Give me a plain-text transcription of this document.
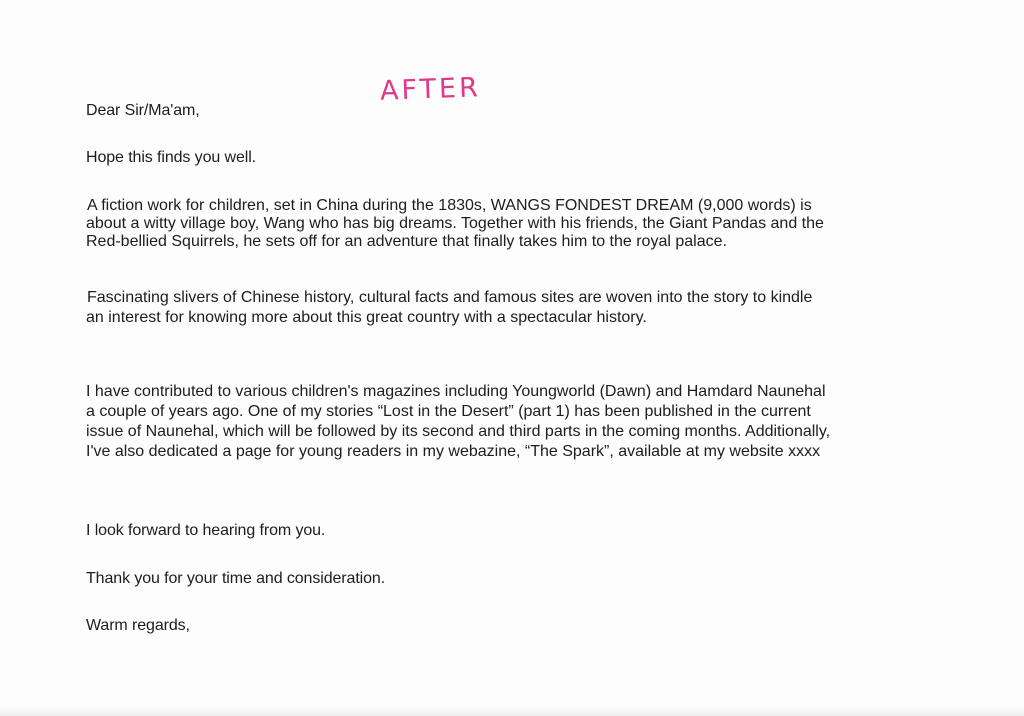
AFTER
Dear Sir/Ma'am,
Hope this finds you well.
A fiction work for children, set in China during the 1830s, WANGS FONDEST DREAM (9,000 words) is
about a witty village boy, Wang who has big dreams. Together with his friends, the Giant Pandas and the
Red-bellied Squirrels, he sets off for an adventure that finally takes him to the royal palace.
Fascinating slivers of Chinese history, cultural facts and famous sites are woven into the story to kindle
an interest for knowing more about this great country with a spectacular history.
I have contributed to various children's magazines including Youngworld (Dawn) and Hamdard Naunehal
a couple of years ago. One of my stories “Lost in the Desert” (part 1) has been published in the current
issue of Naunehal, which will be followed by its second and third parts in the coming months. Additionally,
I've also dedicated a page for young readers in my webazine, “The Spark”, available at my website xxxx
I look forward to hearing from you.
Thank you for your time and consideration.
Warm regards,
